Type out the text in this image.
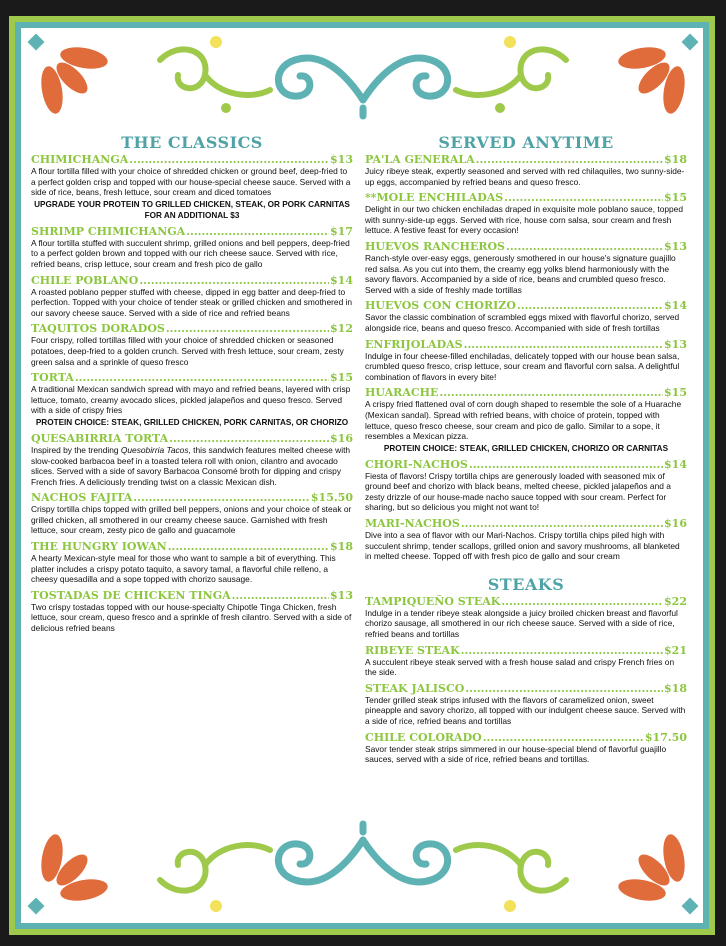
THE CLASSICS
CHIMICHANGA .....	$13

A flour tortilla filled with your choice of shredded chicken or ground beef, deep-fried to a perfect golden crisp and topped with our house-special cheese sauce. Served with a side of rice, beans, fresh lettuce, sour cream and diced tomatoes

UPGRADE YOUR PROTEIN TO GRILLED CHICKEN, STEAK, OR PORK CARNITAS
FOR AN ADDITIONAL $3
SHRIMP CHIMICHANGA .....	$17

A flour tortilla stuffed with succulent shrimp, grilled onions and bell peppers, deep-fried to a perfect golden brown and topped with our rich cheese sauce. Served with rice, refried beans, crisp lettuce, sour cream and fresh pico de gallo

CHILE POBLANO .....	$14

A roasted poblano pepper stuffed with cheese, dipped in egg batter and deep-fried to perfection. Topped with your choice of tender steak or grilled chicken and smothered in our savory cheese sauce. Served with a side of rice and refried beans

TAQUITOS DORADOS .....	$12

Four crispy, rolled tortillas filled with your choice of shredded chicken or seasoned potatoes, deep-fried to a golden crunch. Served with fresh lettuce, sour cream, zesty green salsa and a sprinkle of queso fresco

TORTA .....	$15

A traditional Mexican sandwich spread with mayo and refried beans, layered with crisp lettuce, tomato, creamy avocado slices, pickled jalapeños and queso fresco. Served with a side of crispy fries

PROTEIN CHOICE: STEAK, GRILLED CHICKEN, PORK CARNITAS, OR CHORIZO
QUESABIRRIA TORTA .....	$16

Inspired by the trending Quesobirria Tacos, this sandwich features melted cheese with slow-cooked barbacoa beef in a toasted telera roll with onion, cilantro and avocado slices. Served with a side of savory Barbacoa Consomé broth for dipping and crispy French fries. A deliciously trending twist on a classic Mexican dish.

NACHOS FAJITA .....	$15.50

Crispy tortilla chips topped with grilled bell peppers, onions and your choice of steak or grilled chicken, all smothered in our creamy cheese sauce. Garnished with fresh lettuce, sour cream, zesty pico de gallo and guacamole

THE HUNGRY IOWAN .....	$18

A hearty Mexican-style meal for those who want to sample a bit of everything. This platter includes a crispy potato taquito, a savory tamal, a flavorful chile relleno, a cheesy quesadilla and a sope topped with chorizo sausage.

TOSTADAS DE CHICKEN TINGA .....	$13

Two crispy tostadas topped with our house-specialty Chipotle Tinga Chicken, fresh lettuce, sour cream, queso fresco and a sprinkle of fresh cilantro. Served with a side of delicious refried beans

SERVED ANYTIME
PA'LA GENERALA .....	$18

Juicy ribeye steak, expertly seasoned and served with red chilaquiles, two sunny-side-up eggs, accompanied by refried beans and queso fresco.

**MOLE ENCHILADAS .....	$15

Delight in our two chicken enchiladas draped in exquisite mole poblano sauce, topped with sunny-side-up eggs. Served with rice, house corn salsa, sour cream and fresh lettuce. A festive feast for every occasion!

HUEVOS RANCHEROS .....	$13

Ranch-style over-easy eggs, generously smothered in our house's signature guajillo red salsa. As you cut into them, the creamy egg yolks blend harmoniously with the savory flavors. Accompanied by a side of rice, beans and crumbled queso fresco. Served with a side of freshly made tortillas

HUEVOS CON CHORIZO .....	$14

Savor the classic combination of scrambled eggs mixed with flavorful chorizo, served alongside rice, beans and queso fresco. Accompanied with side of fresh tortillas

ENFRIJOLADAS .....	$13

Indulge in four cheese-filled enchiladas, delicately topped with our house bean salsa, crumbled queso fresco, crisp lettuce, sour cream and flavorful corn salsa. A delightful combination of flavors in every bite!

HUARACHE .....	$15

A crispy fried flattened oval of corn dough shaped to resemble the sole of a Huarache (Mexican sandal). Spread with refried beans, with choice of protein, topped with lettuce, queso fresco cheese, sour cream and pico de gallo. Similar to a sope, it resembles a Mexican pizza.

PROTEIN CHOICE: STEAK, GRILLED CHICKEN, CHORIZO OR CARNITAS
CHORI-NACHOS .....	$14

Fiesta of flavors! Crispy tortilla chips are generously loaded with seasoned mix of ground beef and chorizo with black beans, melted cheese, pickled jalapeños and a zesty drizzle of our house-made nacho sauce topped with sour cream. Perfect for sharing, but so delicious you might not want to!

MARI-NACHOS .....	$16

Dive into a sea of flavor with our Mari-Nachos. Crispy tortilla chips piled high with succulent shrimp, tender scallops, grilled onion and savory mushrooms, all blanketed in melted cheese. Topped off with fresh pico de gallo and sour cream

STEAKS
TAMPIQUEÑO STEAK .....	$22

Indulge in a tender ribeye steak alongside a juicy broiled chicken breast and flavorful chorizo sausage, all smothered in our rich cheese sauce. Served with a side of rice, refried beans and tortillas

RIBEYE STEAK .....	$21

A succulent ribeye steak served with a fresh house salad and crispy French fries on the side.

STEAK JALISCO .....	$18

Tender grilled steak strips infused with the flavors of caramelized onion, sweet pineapple and savory chorizo, all topped with our indulgent cheese sauce. Served with a side of rice, refried beans and tortillas

CHILE COLORADO .....	$17.50

Savor tender steak strips simmered in our house-special blend of flavorful guajillo sauces, served with a side of rice, refried beans and tortillas.
